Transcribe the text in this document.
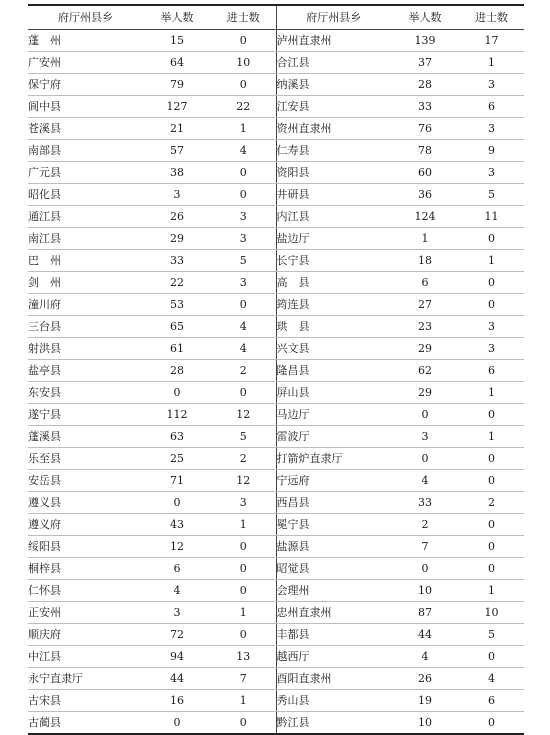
府厅州县乡	举人数	进士数	府厅州县乡	举人数	进士数
蓬　州	15	0	泸州直隶州	139	17
广安州	64	10	合江县	37	1
保宁府	79	0	纳溪县	28	3
阆中县	127	22	江安县	33	6
苍溪县	21	1	资州直隶州	76	3
南部县	57	4	仁寿县	78	9
广元县	38	0	资阳县	60	3
昭化县	3	0	井研县	36	5
通江县	26	3	内江县	124	11
南江县	29	3	盐边厅	1	0
巴　州	33	5	长宁县	18	1
剑　州	22	3	高　县	6	0
潼川府	53	0	筠连县	27	0
三台县	65	4	珙　县	23	3
射洪县	61	4	兴文县	29	3
盐亭县	28	2	隆昌县	62	6
东安县	0	0	屏山县	29	1
遂宁县	112	12	马边厅	0	0
蓬溪县	63	5	雷波厅	3	1
乐至县	25	2	打箭炉直隶厅	0	0
安岳县	71	12	宁远府	4	0
遵义县	0	3	西昌县	33	2
遵义府	43	1	冕宁县	2	0
绥阳县	12	0	盐源县	7	0
桐梓县	6	0	昭觉县	0	0
仁怀县	4	0	会理州	10	1
正安州	3	1	忠州直隶州	87	10
顺庆府	72	0	丰都县	44	5
中江县	94	13	越西厅	4	0
永宁直隶厅	44	7	酉阳直隶州	26	4
古宋县	16	1	秀山县	19	6
古蔺县	0	0	黔江县	10	0
